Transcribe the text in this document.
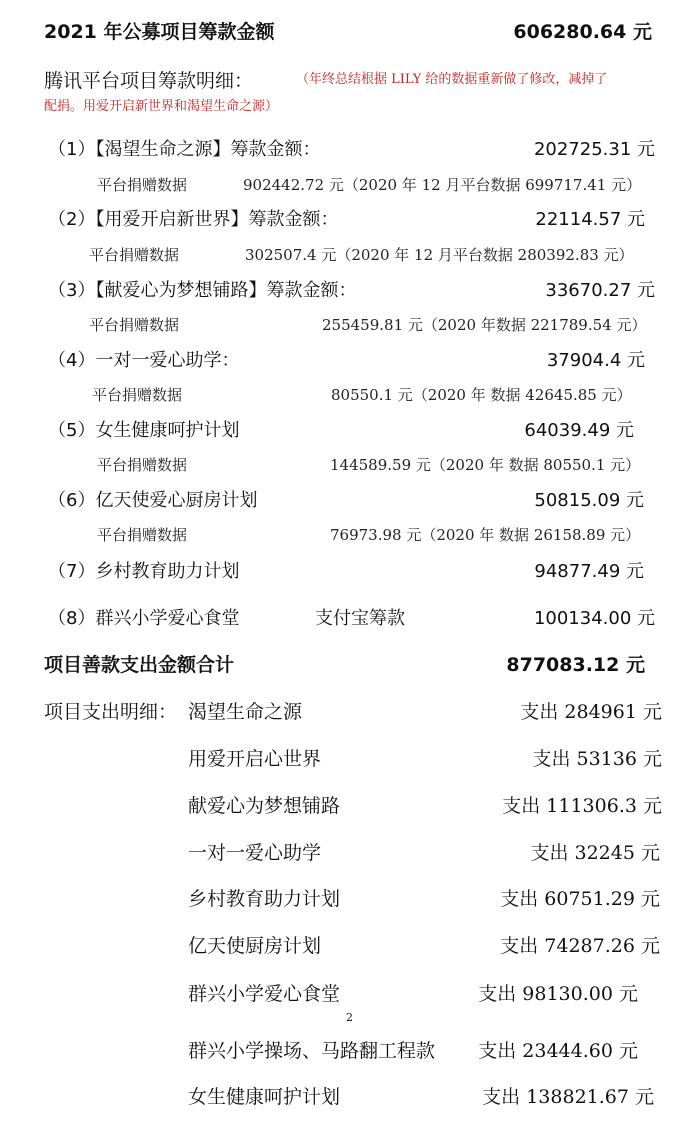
2021 年公募项目筹款金额	606280.64 元
腾讯平台项目筹款明细：	（年终总结根据 LILY 给的数据重新做了修改，减掉了
配捐。用爱开启新世界和渴望生命之源）
（1）【渴望生命之源】筹款金额：	202725.31 元
平台捐赠数据	902442.72 元（2020 年 12 月平台数据 699717.41 元）
（2）【用爱开启新世界】筹款金额：	22114.57 元
平台捐赠数据	302507.4 元（2020 年 12 月平台数据 280392.83 元）
（3）【献爱心为梦想铺路】筹款金额：	33670.27 元
平台捐赠数据	255459.81 元（2020 年数据 221789.54 元）
（4）一对一爱心助学：	37904.4 元
平台捐赠数据	80550.1 元（2020 年 数据 42645.85 元）
（5）女生健康呵护计划	64039.49 元
平台捐赠数据	144589.59 元（2020 年 数据 80550.1 元）
（6）亿天使爱心厨房计划	50815.09 元
平台捐赠数据	76973.98 元（2020 年 数据 26158.89 元）
（7）乡村教育助力计划	94877.49 元
（8）群兴小学爱心食堂	支付宝筹款	100134.00 元
项目善款支出金额合计	877083.12 元
项目支出明细： 渴望生命之源	支出 284961 元
用爱开启心世界	支出 53136 元
献爱心为梦想铺路	支出 111306.3 元
一对一爱心助学	支出 32245 元
乡村教育助力计划	支出 60751.29 元
亿天使厨房计划	支出 74287.26 元
群兴小学爱心食堂	支出 98130.00 元
2
群兴小学操场、马路翻工程款 支出 23444.60 元
女生健康呵护计划	支出 138821.67 元
